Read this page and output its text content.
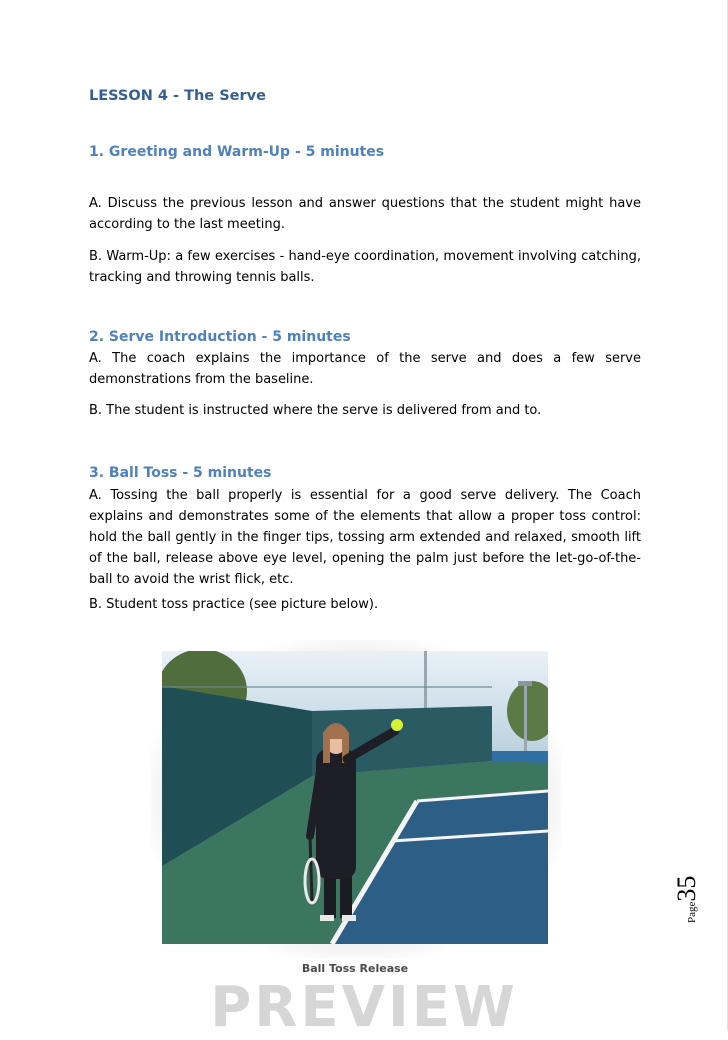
LESSON 4 - The Serve
1. Greeting and Warm-Up - 5 minutes
A. Discuss the previous lesson and answer questions that the student might have according to the last meeting.
B. Warm-Up: a few exercises - hand-eye coordination, movement involving catching, tracking and throwing tennis balls.
2. Serve Introduction - 5 minutes
A. The coach explains the importance of the serve and does a few serve demonstrations from the baseline.
B. The student is instructed where the serve is delivered from and to.
3. Ball Toss - 5 minutes
A. Tossing the ball properly is essential for a good serve delivery. The Coach explains and demonstrates some of the elements that allow a proper toss control: hold the ball gently in the finger tips, tossing arm extended and relaxed, smooth lift of the ball, release above eye level, opening the palm just before the let-go-of-the-ball to avoid the wrist flick, etc.
B. Student toss practice (see picture below).
Ball Toss Release
PREVIEW
Page35
